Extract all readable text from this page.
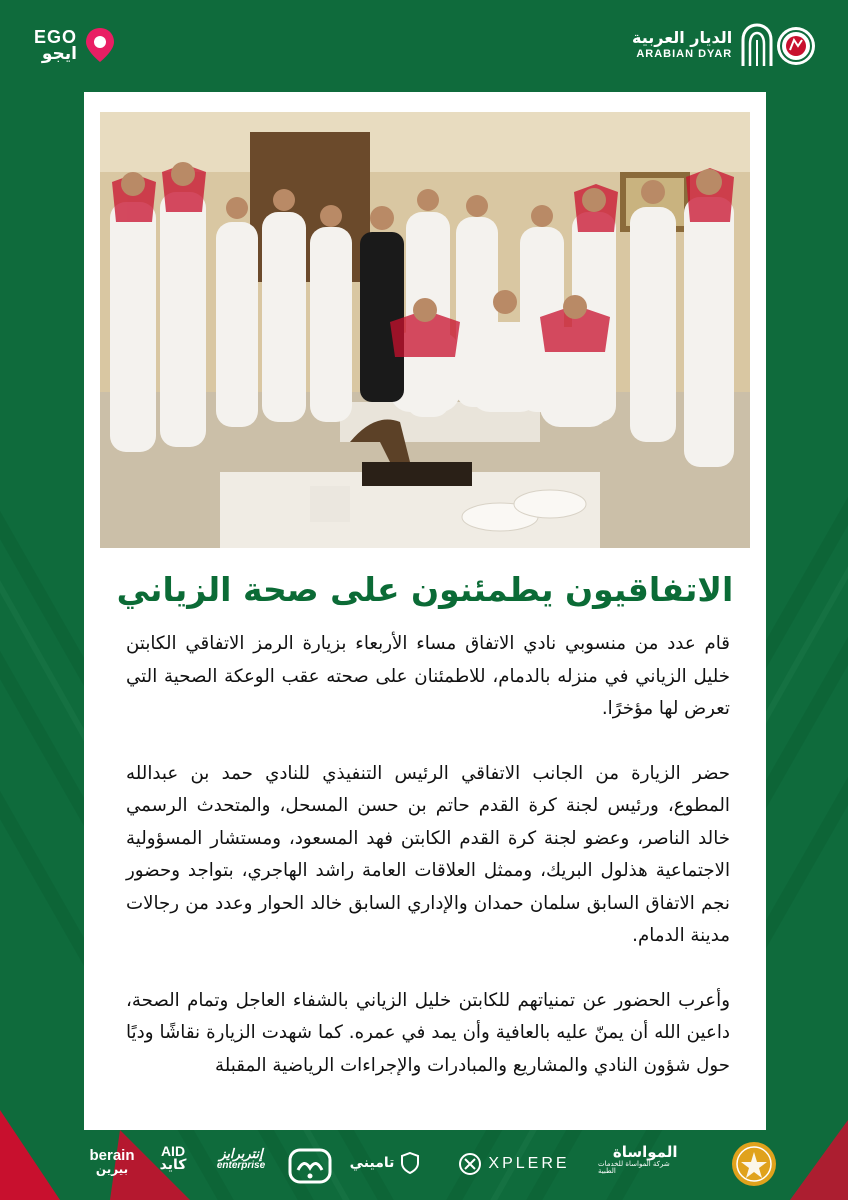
EGO
ايجو
الديار العربية
ARABIAN DYAR
الاتفاقيون يطمئنون على صحة الزياني

قام عدد من منسوبي نادي الاتفاق مساء الأربعاء بزيارة الرمز الاتفاقي الكابتن خليل الزياني في منزله بالدمام، للاطمئنان على صحته عقب الوعكة الصحية التي تعرض لها مؤخرًا.

حضر الزيارة من الجانب الاتفاقي الرئيس التنفيذي للنادي حمد بن عبدالله المطوع، ورئيس لجنة كرة القدم حاتم بن حسن المسحل، والمتحدث الرسمي خالد الناصر، وعضو لجنة كرة القدم الكابتن فهد المسعود، ومستشار المسؤولية الاجتماعية هذلول البريك، وممثل العلاقات العامة راشد الهاجري، بتواجد وحضور نجم الاتفاق السابق سلمان حمدان والإداري السابق خالد الحوار وعدد من رجالات مدينة الدمام.

وأعرب الحضور عن تمنياتهم للكابتن خليل الزياني بالشفاء العاجل وتمام الصحة، داعين الله أن يمنّ عليه بالعافية وأن يمد في عمره. كما شهدت الزيارة نقاشًا وديًا حول شؤون النادي والمشاريع والمبادرات والإجراءات الرياضية المقبلة

berain
بيرين
AID
كايد
إنتربرايز
enterprise	تاميني	XPLERE
المواساة
شركة المواساة للخدمات الطبية
